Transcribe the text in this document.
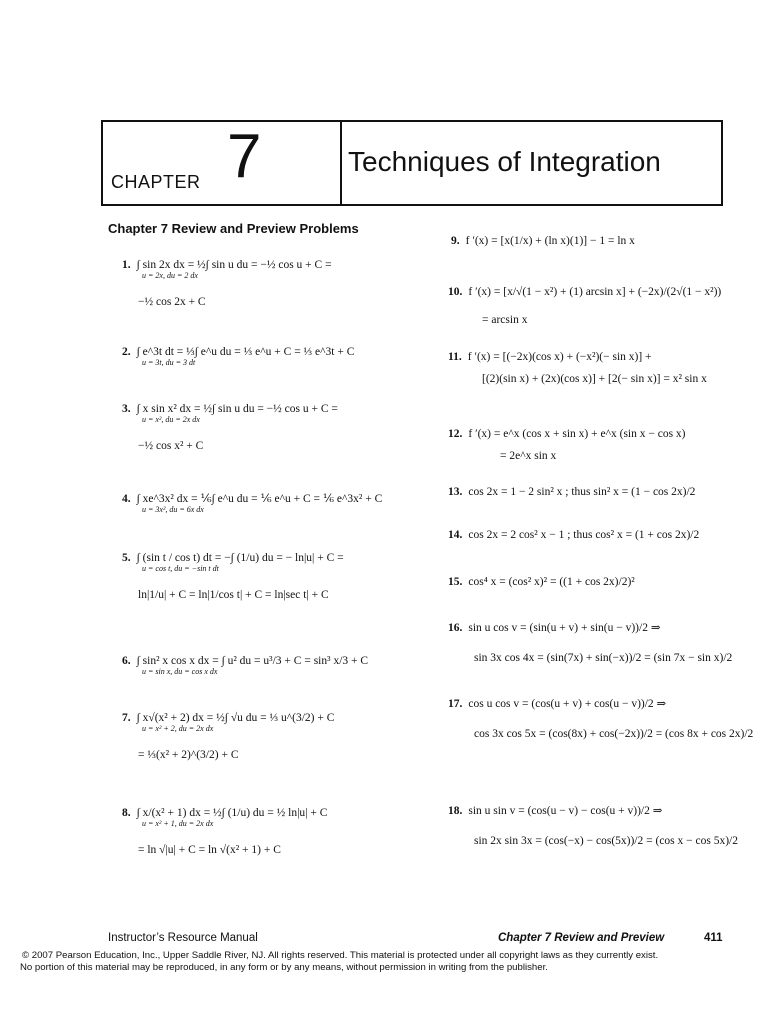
CHAPTER 7	Techniques of Integration
Chapter 7 Review and Preview Problems
1. ∫ sin 2x dx = ½∫ sin u du = −½ cos u + C =
u = 2x, du = 2 dx
−½ cos 2x + C
2. ∫ e^3t dt = ⅓∫ e^u du = ⅓ e^u + C = ⅓ e^3t + C
u = 3t, du = 3 dt
3. ∫ x sin x² dx = ½∫ sin u du = −½ cos u + C =
u = x², du = 2x dx
−½ cos x² + C
4. ∫ xe^3x² dx = ⅙∫ e^u du = ⅙ e^u + C = ⅙ e^3x² + C
u = 3x², du = 6x dx
5. ∫ (sin t / cos t) dt = −∫ (1/u) du = − ln|u| + C =
u = cos t, du = −sin t dt
ln|1/u| + C = ln|1/cos t| + C = ln|sec t| + C
6. ∫ sin² x cos x dx = ∫ u² du = u³/3 + C = sin³ x/3 + C
u = sin x, du = cos x dx
7. ∫ x√(x² + 2) dx = ½∫ √u du = ⅓ u^(3/2) + C
u = x² + 2, du = 2x dx
= ⅓(x² + 2)^(3/2) + C
8. ∫ x/(x² + 1) dx = ½∫ (1/u) du = ½ ln|u| + C
u = x² + 1, du = 2x dx
= ln √|u| + C = ln √(x² + 1) + C
9. f ′(x) = [x(1/x) + (ln x)(1)] − 1 = ln x
10. f ′(x) = [x/√(1 − x²) + (1) arcsin x] + (−2x)/(2√(1 − x²))
= arcsin x
11. f ′(x) = [(−2x)(cos x) + (−x²)(− sin x)] +
[(2)(sin x) + (2x)(cos x)] + [2(− sin x)] = x² sin x
12. f ′(x) = e^x (cos x + sin x) + e^x (sin x − cos x)
= 2e^x sin x
13. cos 2x = 1 − 2 sin² x ; thus sin² x = (1 − cos 2x)/2
14. cos 2x = 2 cos² x − 1 ; thus cos² x = (1 + cos 2x)/2
15. cos⁴ x = (cos² x)² = ((1 + cos 2x)/2)²
16. sin u cos v = (sin(u + v) + sin(u − v))/2 ⇒
sin 3x cos 4x = (sin(7x) + sin(−x))/2 = (sin 7x − sin x)/2
17. cos u cos v = (cos(u + v) + cos(u − v))/2 ⇒
cos 3x cos 5x = (cos(8x) + cos(−2x))/2 = (cos 8x + cos 2x)/2
18. sin u sin v = (cos(u − v) − cos(u + v))/2 ⇒
sin 2x sin 3x = (cos(−x) − cos(5x))/2 = (cos x − cos 5x)/2
Instructor’s Resource Manual	Chapter 7 Review and Preview	411
© 2007 Pearson Education, Inc., Upper Saddle River, NJ. All rights reserved. This material is protected under all copyright laws as they currently exist.
No portion of this material may be reproduced, in any form or by any means, without permission in writing from the publisher.
